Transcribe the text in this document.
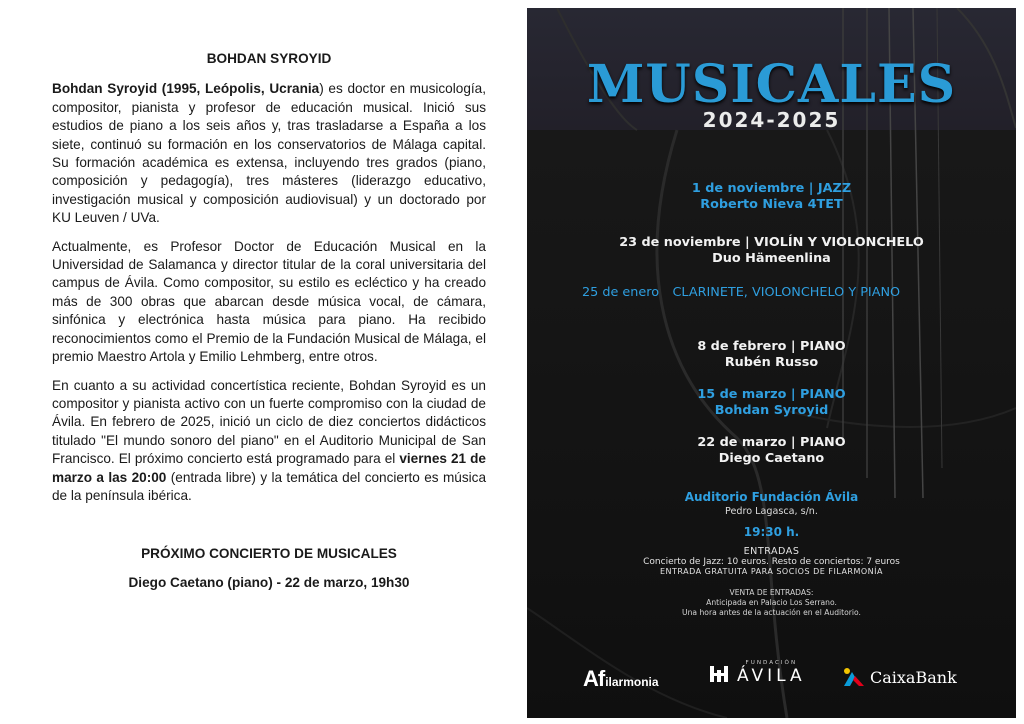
BOHDAN SYROYID

Bohdan Syroyid (1995, Leópolis, Ucrania) es doctor en musicología, compositor, pianista y profesor de educación musical. Inició sus estudios de piano a los seis años y, tras trasladarse a España a los siete, continuó su formación en los conservatorios de Málaga capital. Su formación académica es extensa, incluyendo tres grados (piano, composición y pedagogía), tres másteres (liderazgo educativo, investigación musical y composición audiovisual) y un doctorado por KU Leuven / UVa.

Actualmente, es Profesor Doctor de Educación Musical en la Universidad de Salamanca y director titular de la coral universitaria del campus de Ávila. Como compositor, su estilo es ecléctico y ha creado más de 300 obras que abarcan desde música vocal, de cámara, sinfónica y electrónica hasta música para piano. Ha recibido reconocimientos como el Premio de la Fundación Musical de Málaga, el premio Maestro Artola y Emilio Lehmberg, entre otros.

En cuanto a su actividad concertística reciente, Bohdan Syroyid es un compositor y pianista activo con un fuerte compromiso con la ciudad de Ávila. En febrero de 2025, inició un ciclo de diez conciertos didácticos titulado "El mundo sonoro del piano" en el Auditorio Municipal de San Francisco. El próximo concierto está programado para el viernes 21 de marzo a las 20:00 (entrada libre) y la temática del concierto es música de la península ibérica.

PRÓXIMO CONCIERTO DE MUSICALES
Diego Caetano (piano) - 22 de marzo, 19h30
MUSICALES
2024-2025
1 de noviembre | JAZZ
Roberto Nieva 4TET
23 de noviembre | VIOLÍN Y VIOLONCHELO
Duo Hämeenlina
8 de febrero | PIANO
Rubén Russo
15 de marzo | PIANO
Bohdan Syroyid
22 de marzo | PIANO
Diego Caetano
25 de enero CLARINETE, VIOLONCHELO Y PIANO
Auditorio Fundación Ávila
Pedro Lagasca, s/n.
19:30 h.
ENTRADAS
Concierto de Jazz: 10 euros. Resto de conciertos: 7 euros
ENTRADA GRATUITA PARA SOCIOS DE FILARMONÍA
VENTA DE ENTRADAS:
Anticipada en Palacio Los Serrano.
Una hora antes de la actuación en el Auditorio.
Af ilarmonia
FUNDACIÓN
ÁVILA	CaixaBank
